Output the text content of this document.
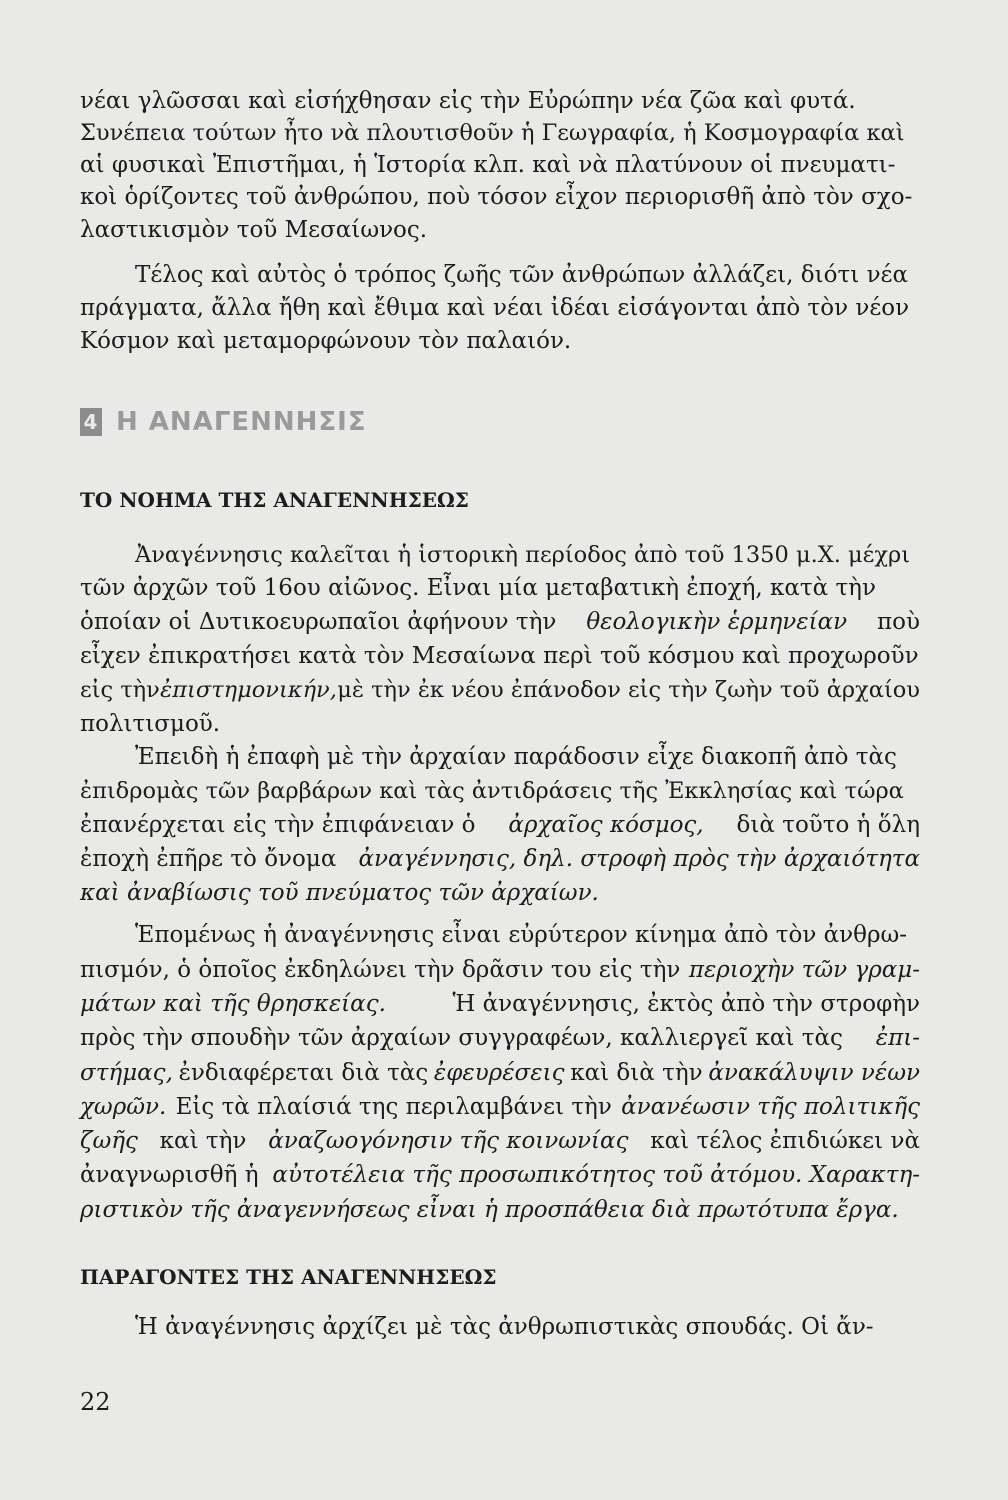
νέαι γλῶσσαι καὶ εἰσήχθησαν εἰς τὴν Εὐρώπην νέα ζῶα καὶ φυτά.
Συνέπεια τούτων ἦτο νὰ πλουτισθοῦν ἡ Γεωγραφία, ἡ Κοσμογραφία καὶ
αἱ φυσικαὶ Ἐπιστῆμαι, ἡ Ἱστορία κλπ. καὶ νὰ πλατύνουν οἱ πνευματι-
κοὶ ὁρίζοντες τοῦ ἀνθρώπου, ποὺ τόσον εἶχον περιορισθῆ ἀπὸ τὸν σχο-
λαστικισμὸν τοῦ Μεσαίωνος.
Τέλος καὶ αὐτὸς ὁ τρόπος ζωῆς τῶν ἀνθρώπων ἀλλάζει, διότι νέα
πράγματα, ἄλλα ἤθη καὶ ἔθιμα καὶ νέαι ἰδέαι εἰσάγονται ἀπὸ τὸν νέον
Κόσμον καὶ μεταμορφώνουν τὸν παλαιόν.
4 Η ΑΝΑΓΕΝΝΗΣΙΣ
ΤΟ ΝΟΗΜΑ ΤΗΣ ΑΝΑΓΕΝΝΗΣΕΩΣ
Ἀναγέννησις καλεῖται ἡ ἱστορικὴ περίοδος ἀπὸ τοῦ 1350 μ.Χ. μέχρι
τῶν ἀρχῶν τοῦ 16ου αἰῶνος. Εἶναι μία μεταβατικὴ ἐποχή, κατὰ τὴν
ὁποίαν οἱ Δυτικοευρωπαῖοι ἀφήνουν τὴν θεολογικὴν ἑρμηνείαν ποὺ
εἶχεν ἐπικρατήσει κατὰ τὸν Μεσαίωνα περὶ τοῦ κόσμου καὶ προχωροῦν
εἰς τὴν ἐπιστημονικήν, μὲ τὴν ἐκ νέου ἐπάνοδον εἰς τὴν ζωὴν τοῦ ἀρχαίου
πολιτισμοῦ.
Ἐπειδὴ ἡ ἐπαφὴ μὲ τὴν ἀρχαίαν παράδοσιν εἶχε διακοπῆ ἀπὸ τὰς
ἐπιδρομὰς τῶν βαρβάρων καὶ τὰς ἀντιδράσεις τῆς Ἐκκλησίας καὶ τώρα
ἐπανέρχεται εἰς τὴν ἐπιφάνειαν ὁ ἀρχαῖος κόσμος, διὰ τοῦτο ἡ ὅλη
ἐποχὴ ἐπῆρε τὸ ὄνομα ἀναγέννησις, δηλ. στροφὴ πρὸς τὴν ἀρχαιότητα
καὶ ἀναβίωσις τοῦ πνεύματος τῶν ἀρχαίων.
Ἑπομένως ἡ ἀναγέννησις εἶναι εὐρύτερον κίνημα ἀπὸ τὸν ἀνθρω-
πισμόν, ὁ ὁποῖος ἐκδηλώνει τὴν δρᾶσιν του εἰς τὴν περιοχὴν τῶν γραμ-
μάτων καὶ τῆς θρησκείας.	Ἡ ἀναγέννησις, ἐκτὸς ἀπὸ τὴν στροφὴν
πρὸς τὴν σπουδὴν τῶν ἀρχαίων συγγραφέων, καλλιεργεῖ καὶ τὰς ἐπι-
στήμας, ἐνδιαφέρεται διὰ τὰς ἐφευρέσεις καὶ διὰ τὴν ἀνακάλυψιν νέων
χωρῶν. Εἰς τὰ πλαίσιά της περιλαμβάνει τὴν ἀνανέωσιν τῆς πολιτικῆς
ζωῆς καὶ τὴν ἀναζωογόνησιν τῆς κοινωνίας καὶ τέλος ἐπιδιώκει νὰ
ἀναγνωρισθῆ ἡ αὐτοτέλεια τῆς προσωπικότητος τοῦ ἀτόμου. Χαρακτη-
ριστικὸν τῆς ἀναγεννήσεως εἶναι ἡ προσπάθεια διὰ πρωτότυπα ἔργα.
ΠΑΡΑΓΟΝΤΕΣ ΤΗΣ ΑΝΑΓΕΝΝΗΣΕΩΣ
Ἡ ἀναγέννησις ἀρχίζει μὲ τὰς ἀνθρωπιστικὰς σπουδάς. Οἱ ἄν-
22
